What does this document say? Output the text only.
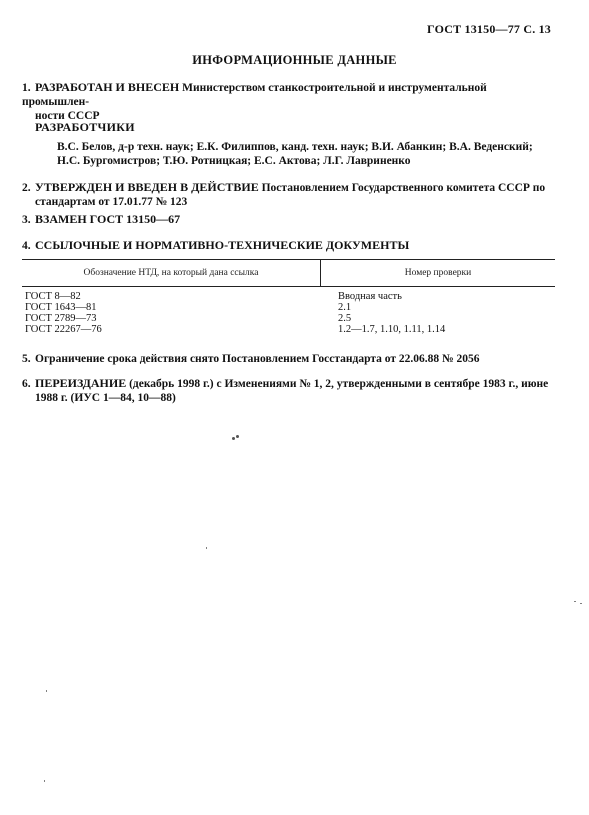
ГОСТ 13150—77 С. 13
ИНФОРМАЦИОННЫЕ ДАННЫЕ
1. РАЗРАБОТАН И ВНЕСЕН Министерством станкостроительной и инструментальной промышлен-
ности СССР
РАЗРАБОТЧИКИ
В.С. Белов, д-р техн. наук; Е.К. Филиппов, канд. техн. наук; В.И. Абанкин; В.А. Веденский;
Н.С. Бургомистров; Т.Ю. Ротницкая; Е.С. Актова; Л.Г. Лавриненко
2. УТВЕРЖДЕН И ВВЕДЕН В ДЕЙСТВИЕ Постановлением Государственного комитета СССР по
стандартам от 17.01.77 № 123
3. ВЗАМЕН ГОСТ 13150—67
4. ССЫЛОЧНЫЕ И НОРМАТИВНО-ТЕХНИЧЕСКИЕ ДОКУМЕНТЫ
Обозначение НТД, на который дана ссылка	Номер проверки
ГОСТ 8—82
ГОСТ 1643—81
ГОСТ 2789—73
ГОСТ 22267—76
Вводная часть
2.1
2.5
1.2—1.7, 1.10, 1.11, 1.14
5. Ограничение срока действия снято Постановлением Госстандарта от 22.06.88 № 2056
6. ПЕРЕИЗДАНИЕ (декабрь 1998 г.) с Изменениями № 1, 2, утвержденными в сентябре 1983 г., июне
1988 г. (ИУС 1—84, 10—88)
